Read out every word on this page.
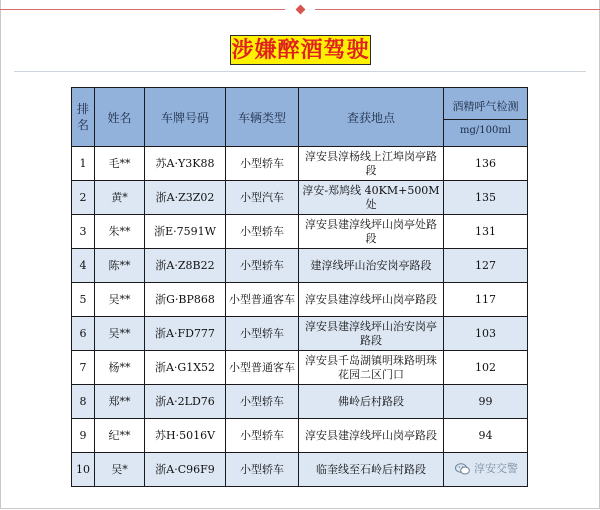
涉嫌醉酒驾驶
排名	姓名	车牌号码	车辆类型	查获地点	酒精呼气检测
mg/100ml

1	毛**	苏A·Y3K88	小型轿车	淳安县淳杨线上江埠岗亭路段	136
2	黄*	浙A·Z3Z02	小型汽车	淳安-郑鸠线 40KM+500M 处	135
3	朱**	浙E·7591W	小型轿车	淳安县建淳线坪山岗亭处路段	131
4	陈**	浙A·Z8B22	小型轿车	建淳线坪山治安岗亭路段	127
5	吴**	浙G·BP868	小型普通客车	淳安县建淳线坪山岗亭路段	117
6	吴**	浙A·FD777	小型轿车	淳安县建淳线坪山治安岗亭路段	103
7	杨**	浙A·G1X52	小型普通客车	淳安县千岛湖镇明珠路明珠花园二区门口	102
8	郑**	浙A·2LD76	小型轿车	佛岭后村路段	99
9	纪**	苏H·5016V	小型轿车	淳安县建淳线坪山岗亭路段	94
10	吴*	浙A·C96F9	小型轿车	临奎线至石岭后村路段		淳安交警
